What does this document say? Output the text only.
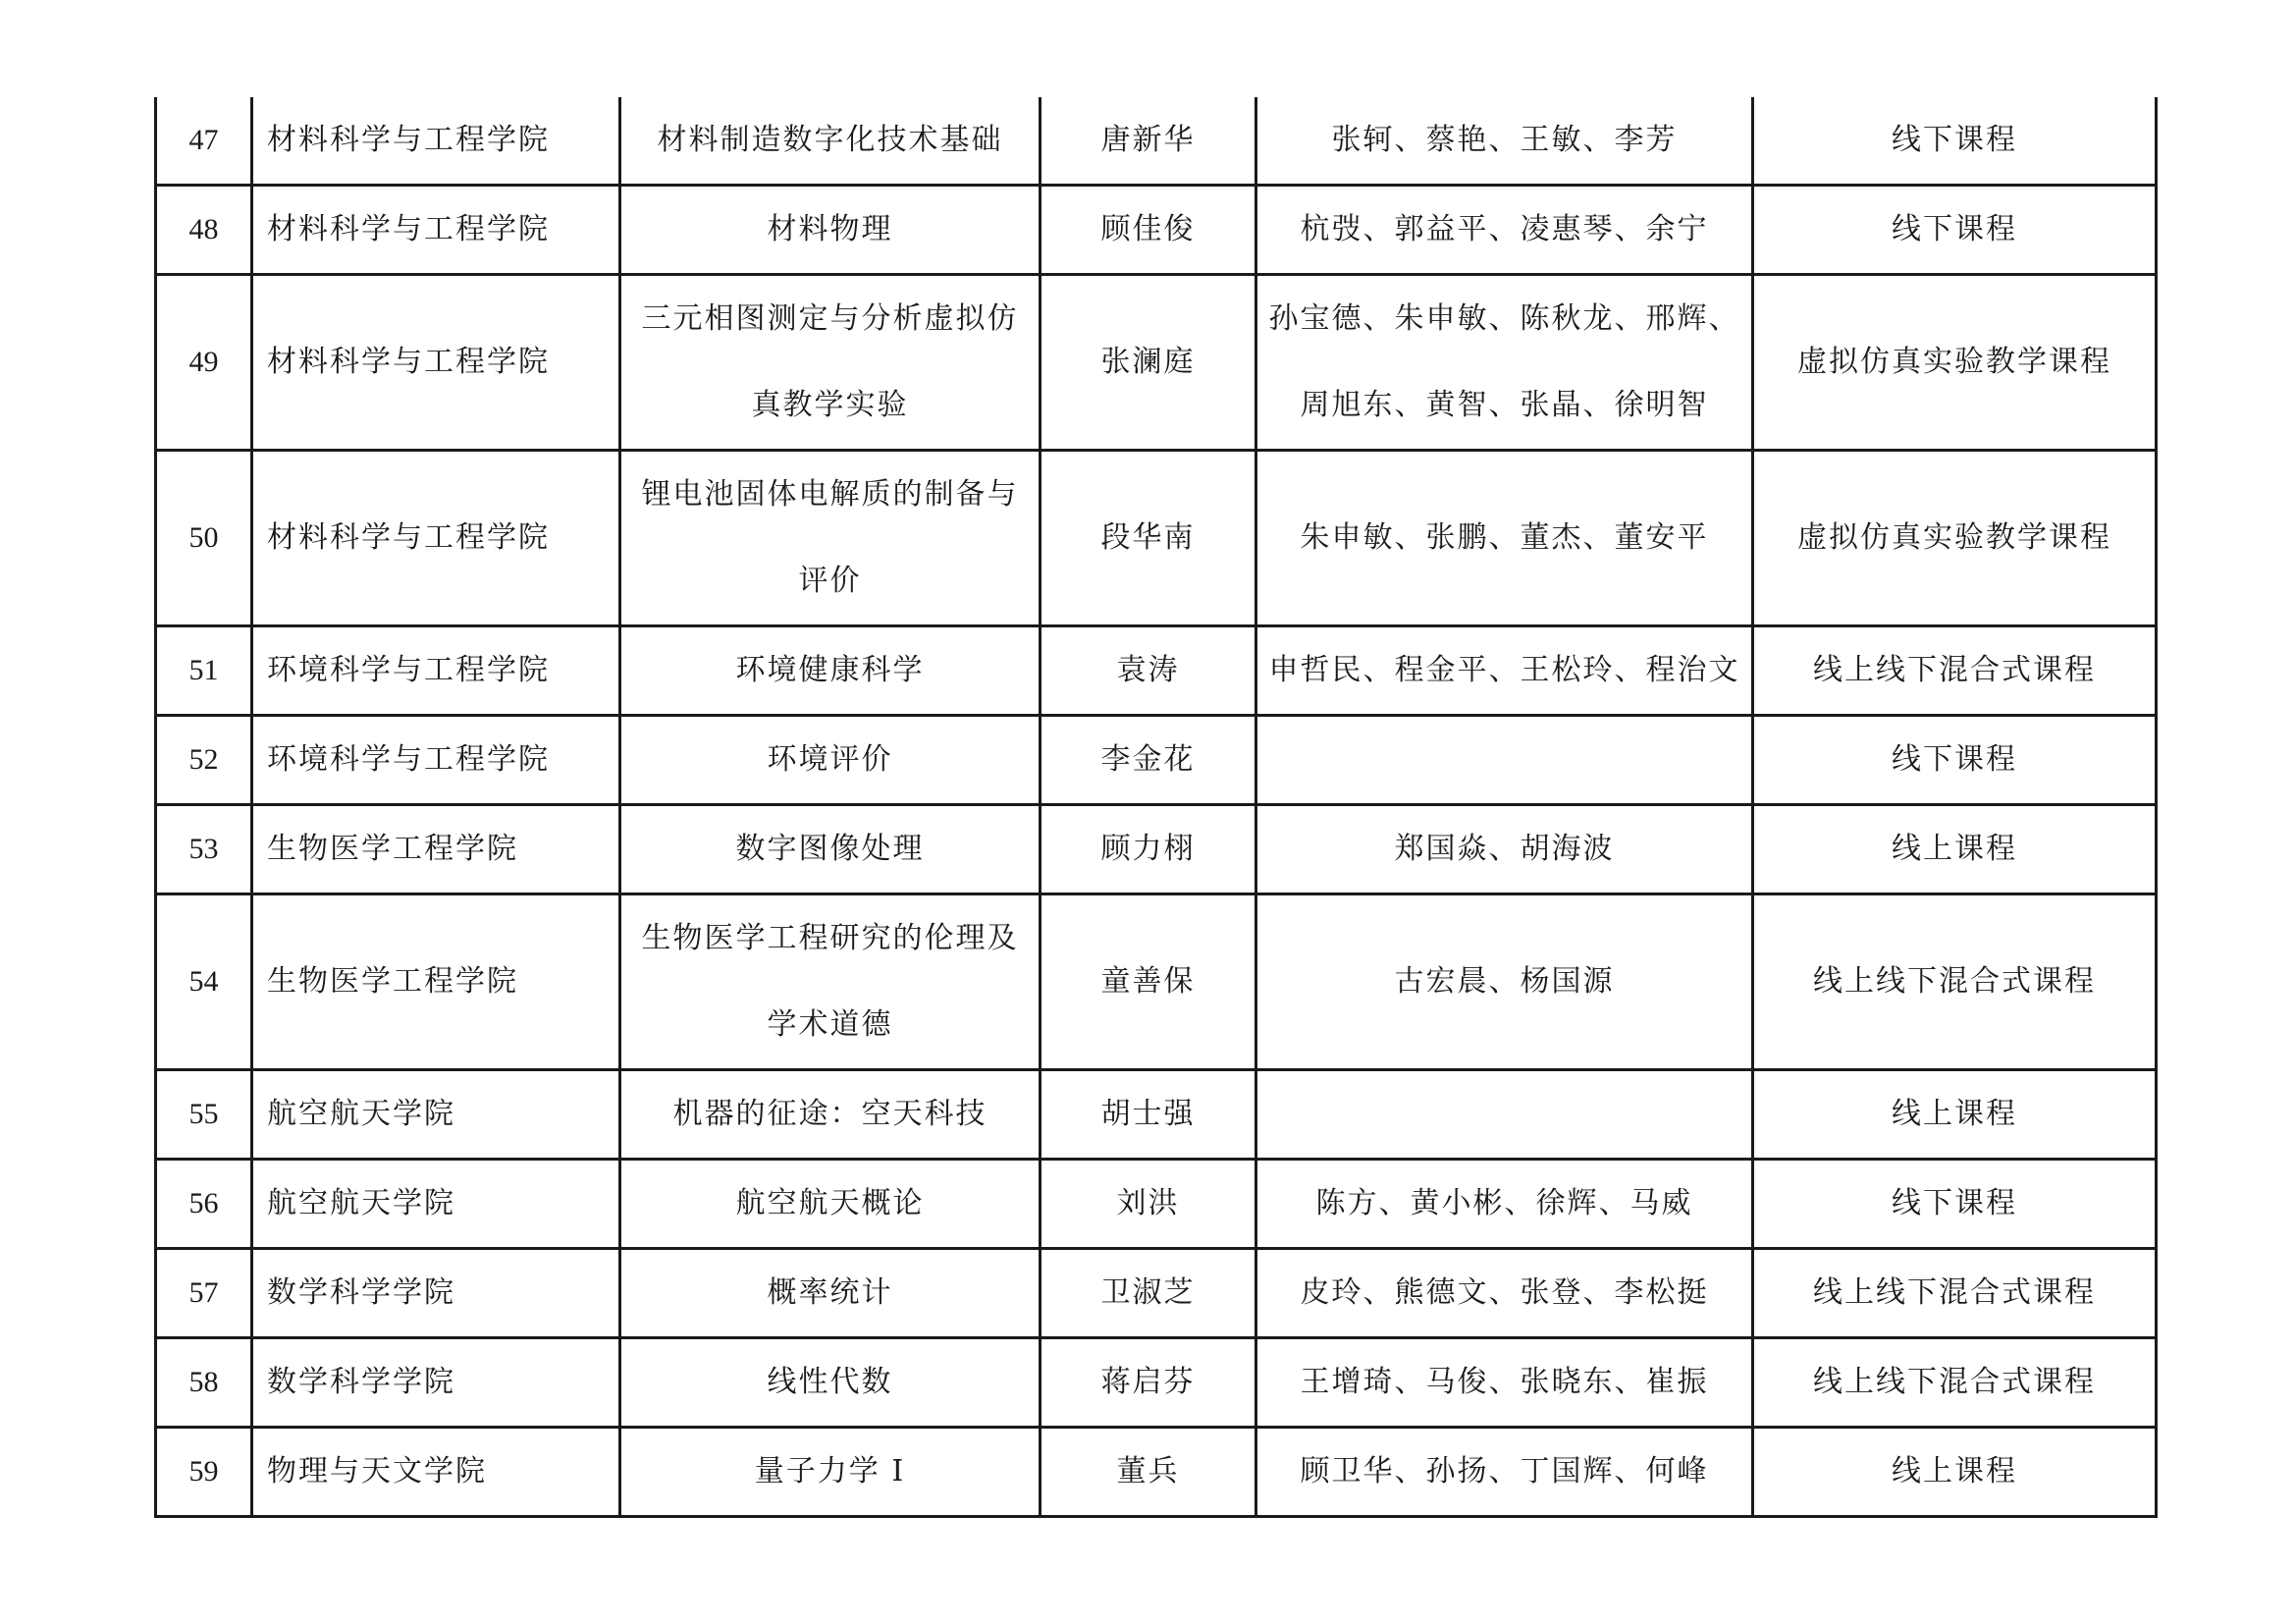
47	材料科学与工程学院	材料制造数字化技术基础	唐新华	张轲、蔡艳、王敏、李芳	线下课程
48	材料科学与工程学院	材料物理	顾佳俊	杭弢、郭益平、凌惠琴、余宁	线下课程
49	材料科学与工程学院	三元相图测定与分析虚拟仿
真教学实验	张澜庭	孙宝德、朱申敏、陈秋龙、邢辉、
周旭东、黄智、张晶、徐明智	虚拟仿真实验教学课程
50	材料科学与工程学院	锂电池固体电解质的制备与
评价	段华南	朱申敏、张鹏、董杰、董安平	虚拟仿真实验教学课程
51	环境科学与工程学院	环境健康科学	袁涛	申哲民、程金平、王松玲、程治文	线上线下混合式课程
52	环境科学与工程学院	环境评价	李金花		线下课程
53	生物医学工程学院	数字图像处理	顾力栩	郑国焱、胡海波	线上课程
54	生物医学工程学院	生物医学工程研究的伦理及
学术道德	童善保	古宏晨、杨国源	线上线下混合式课程
55	航空航天学院	机器的征途：空天科技	胡士强		线上课程
56	航空航天学院	航空航天概论	刘洪	陈方、黄小彬、徐辉、马威	线下课程
57	数学科学学院	概率统计	卫淑芝	皮玲、熊德文、张登、李松挺	线上线下混合式课程
58	数学科学学院	线性代数	蒋启芬	王增琦、马俊、张晓东、崔振	线上线下混合式课程
59	物理与天文学院	量子力学 I	董兵	顾卫华、孙扬、丁国辉、何峰	线上课程
